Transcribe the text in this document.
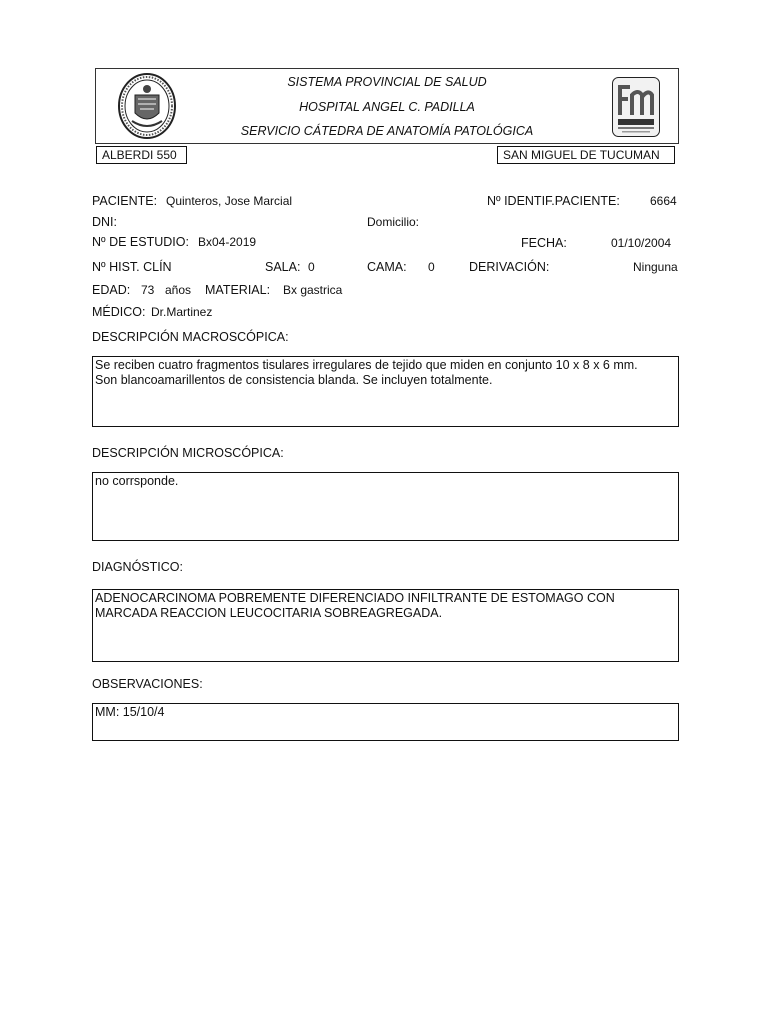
SISTEMA PROVINCIAL DE SALUD
HOSPITAL ANGEL C. PADILLA
SERVICIO CÁTEDRA DE ANATOMÍA PATOLÓGICA
ALBERDI 550	SAN MIGUEL DE TUCUMAN
PACIENTE: Quinteros, Jose Marcial	Nº IDENTIF.PACIENTE:	6664
DNI:	Domicilio:
Nº DE ESTUDIO: Bx04-2019	FECHA:	01/10/2004
Nº HIST. CLÍN	SALA: 0	CAMA: 0	DERIVACIÓN:	Ninguna
EDAD: 73 años MATERIAL: Bx gastrica
MÉDICO: Dr.Martinez
DESCRIPCIÓN MACROSCÓPICA:
Se reciben cuatro fragmentos tisulares irregulares de tejido que miden en conjunto 10 x 8 x 6 mm.
Son blancoamarillentos de consistencia blanda. Se incluyen totalmente.
DESCRIPCIÓN MICROSCÓPICA:
no corrsponde.
DIAGNÓSTICO:
ADENOCARCINOMA POBREMENTE DIFERENCIADO INFILTRANTE DE ESTOMAGO CON
MARCADA REACCION LEUCOCITARIA SOBREAGREGADA.
OBSERVACIONES:
MM: 15/10/4
